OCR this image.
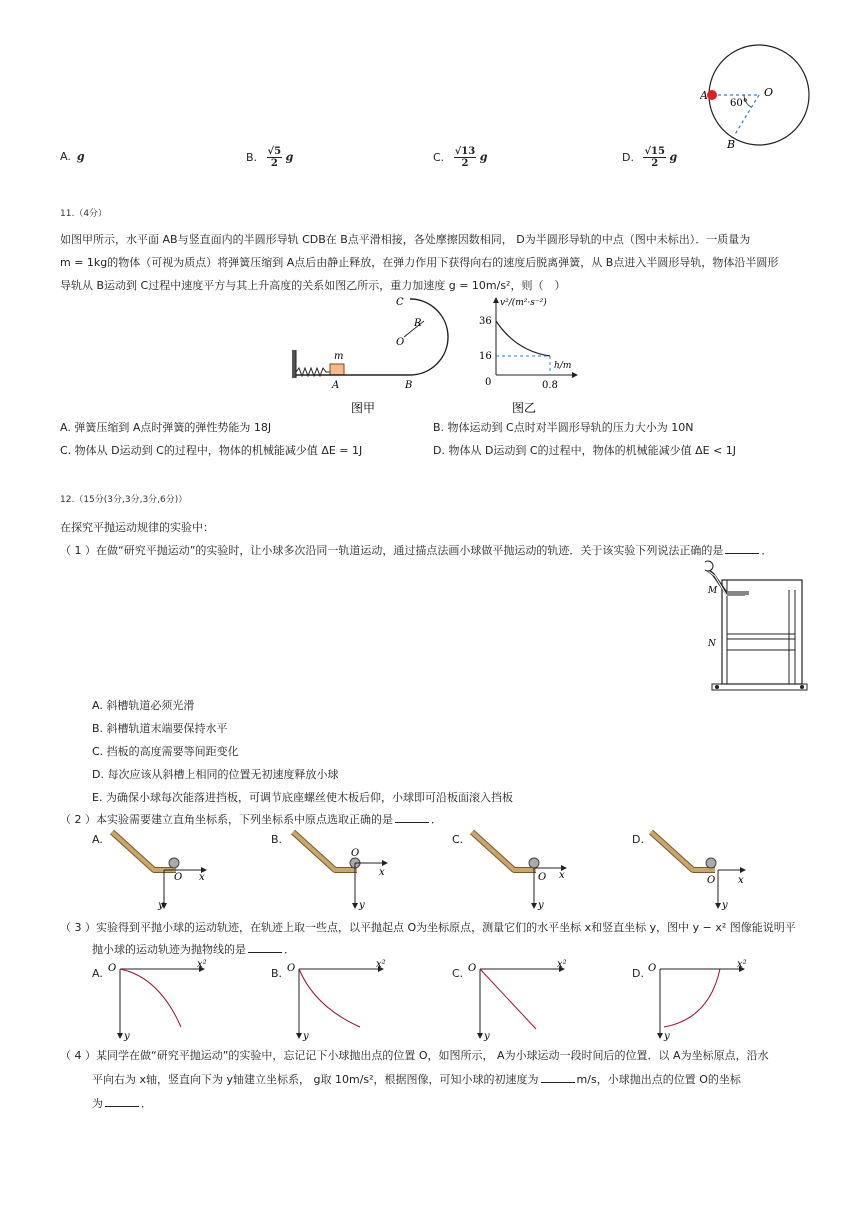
A	O
60°
B
A. g	B. $\frac{√5}{2}$ g	C. $\frac{√13}{2}$ g	D. $\frac{√15}{2}$ g
11.（4分）
如图甲所示，水平面 AB与竖直面内的半圆形导轨 CDB在 B点平滑相接，各处摩擦因数相同， D为半圆形导轨的中点（图中未标出）．一质量为
m = 1kg的物体（可视为质点）将弹簧压缩到 A点后由静止释放，在弹力作用下获得向右的速度后脱离弹簧，从 B点进入半圆形导轨，物体沿半圆形
导轨从 B运动到 C过程中速度平方与其上升高度的关系如图乙所示，重力加速度 g = 10m/s²，则（　）
m
A	B
C
O
R
图甲
v²/(m²·s⁻²)
36
16
0
h/m
0.8
图乙
A. 弹簧压缩到 A点时弹簧的弹性势能为 18J	B. 物体运动到 C点时对半圆形导轨的压力大小为 10N
C. 物体从 D运动到 C的过程中，物体的机械能减少值 ΔE = 1J	D. 物体从 D运动到 C的过程中，物体的机械能减少值 ΔE < 1J
12.（15分(3分,3分,3分,6分)）
在探究平抛运动规律的实验中：
（ 1 ）在做“研究平抛运动”的实验时，让小球多次沿同一轨道运动，通过描点法画小球做平抛运动的轨迹．关于该实验下列说法正确的是	．
M
N
A. 斜槽轨道必须光滑
B. 斜槽轨道末端要保持水平
C. 挡板的高度需要等间距变化
D. 每次应该从斜槽上相同的位置无初速度释放小球
E. 为确保小球每次能落进挡板，可调节底座螺丝使木板后仰，小球即可沿板面滚入挡板
（ 2 ）本实验需要建立直角坐标系，下列坐标系中原点选取正确的是	．
A.
O x
y
B.
O
x
y
C.
O x
y
D.
O x
y
（ 3 ）实验得到平抛小球的运动轨迹，在轨迹上取一些点，以平抛起点 O为坐标原点，测量它们的水平坐标 x和竖直坐标 y，图中 y − x² 图像能说明平
抛小球的运动轨迹为抛物线的是	．
A. O	x²
y
B. O	x²
y
C. O	x²
y
D. O	x²
y
（ 4 ）某同学在做“研究平抛运动”的实验中，忘记记下小球抛出点的位置 O，如图所示， A为小球运动一段时间后的位置．以 A为坐标原点，沿水
平向右为 x轴，竖直向下为 y轴建立坐标系， g取 10m/s²，根据图像，可知小球的初速度为	m/s，小球抛出点的位置 O的坐标
为	．
